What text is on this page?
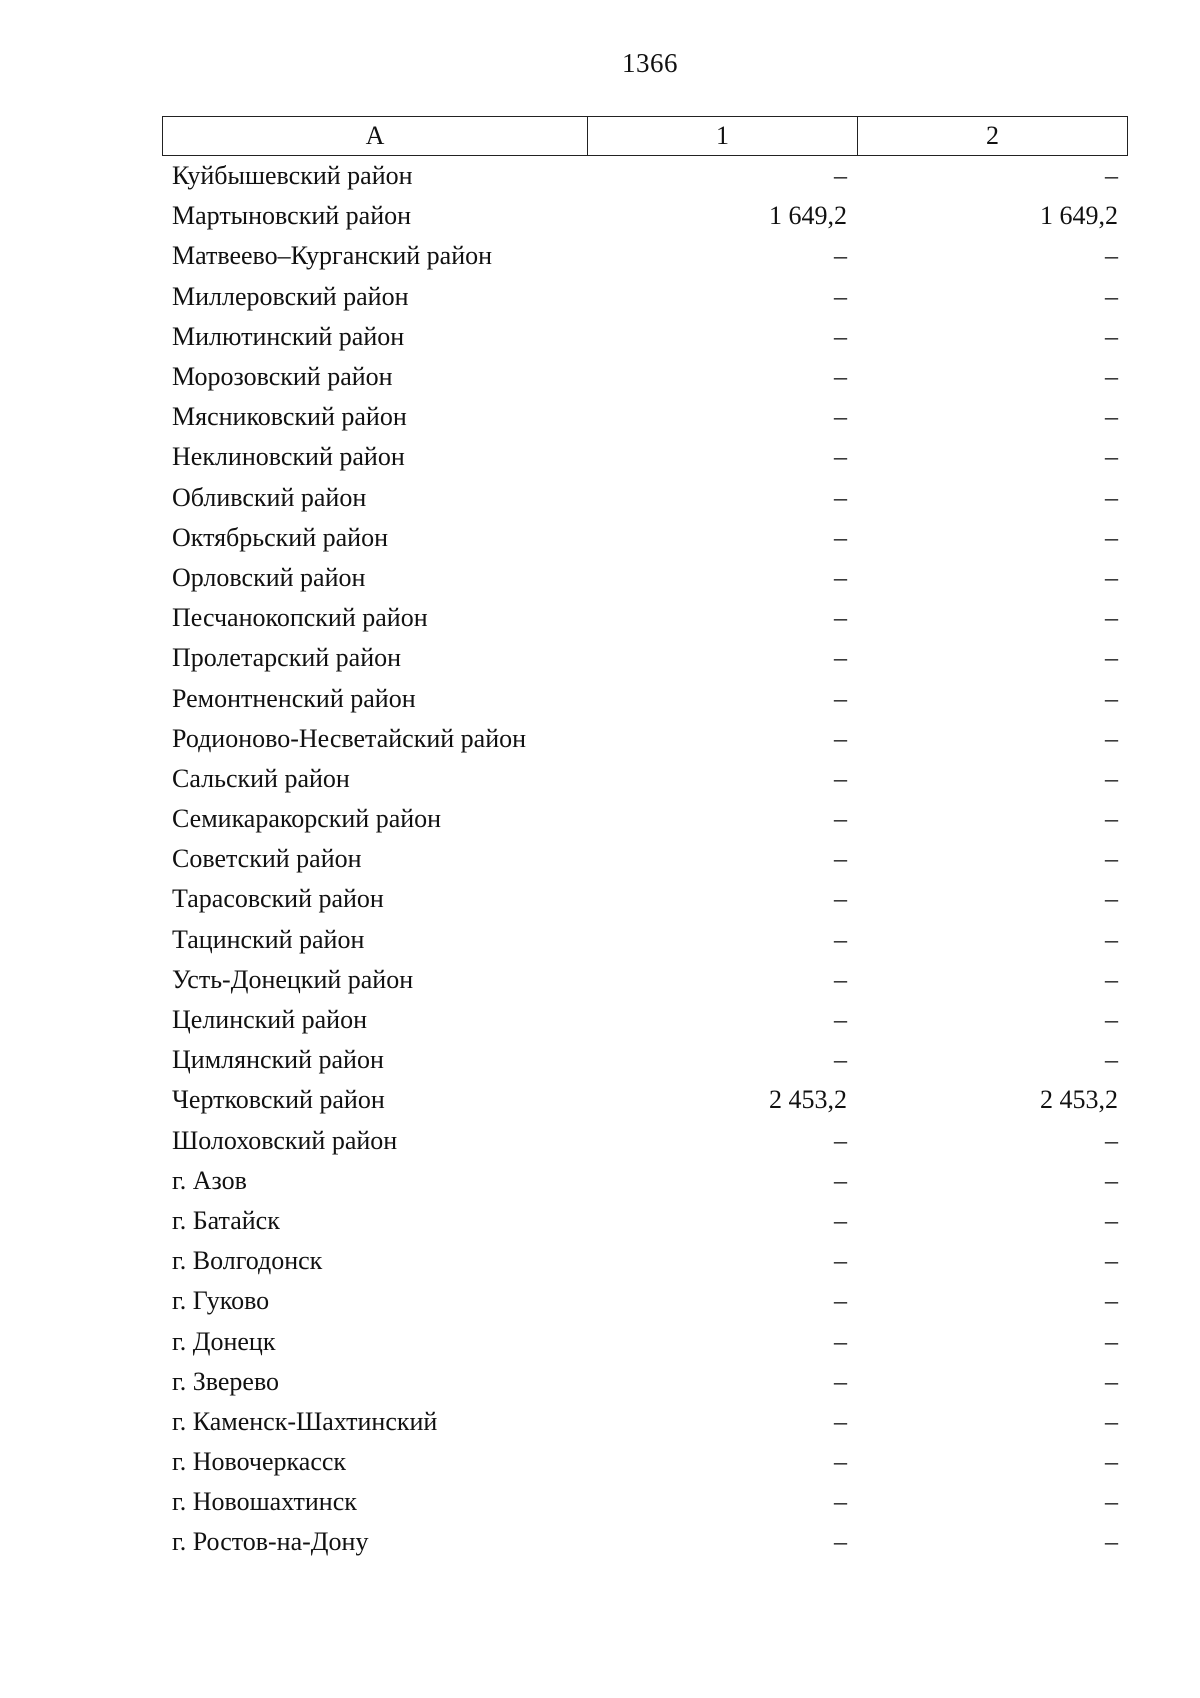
1366
А	1	2
Куйбышевский район	–	–
Мартыновский район	1 649,2	1 649,2
Матвеево–Курганский район	–	–
Миллеровский район	–	–
Милютинский район	–	–
Морозовский район	–	–
Мясниковский район	–	–
Неклиновский район	–	–
Обливский район	–	–
Октябрьский район	–	–
Орловский район	–	–
Песчанокопский район	–	–
Пролетарский район	–	–
Ремонтненский район	–	–
Родионово-Несветайский район	–	–
Сальский район	–	–
Семикаракорский район	–	–
Советский район	–	–
Тарасовский район	–	–
Тацинский район	–	–
Усть-Донецкий район	–	–
Целинский район	–	–
Цимлянский район	–	–
Чертковский район	2 453,2	2 453,2
Шолоховский район	–	–
г. Азов	–	–
г. Батайск	–	–
г. Волгодонск	–	–
г. Гуково	–	–
г. Донецк	–	–
г. Зверево	–	–
г. Каменск-Шахтинский	–	–
г. Новочеркасск	–	–
г. Новошахтинск	–	–
г. Ростов-на-Дону	–	–
